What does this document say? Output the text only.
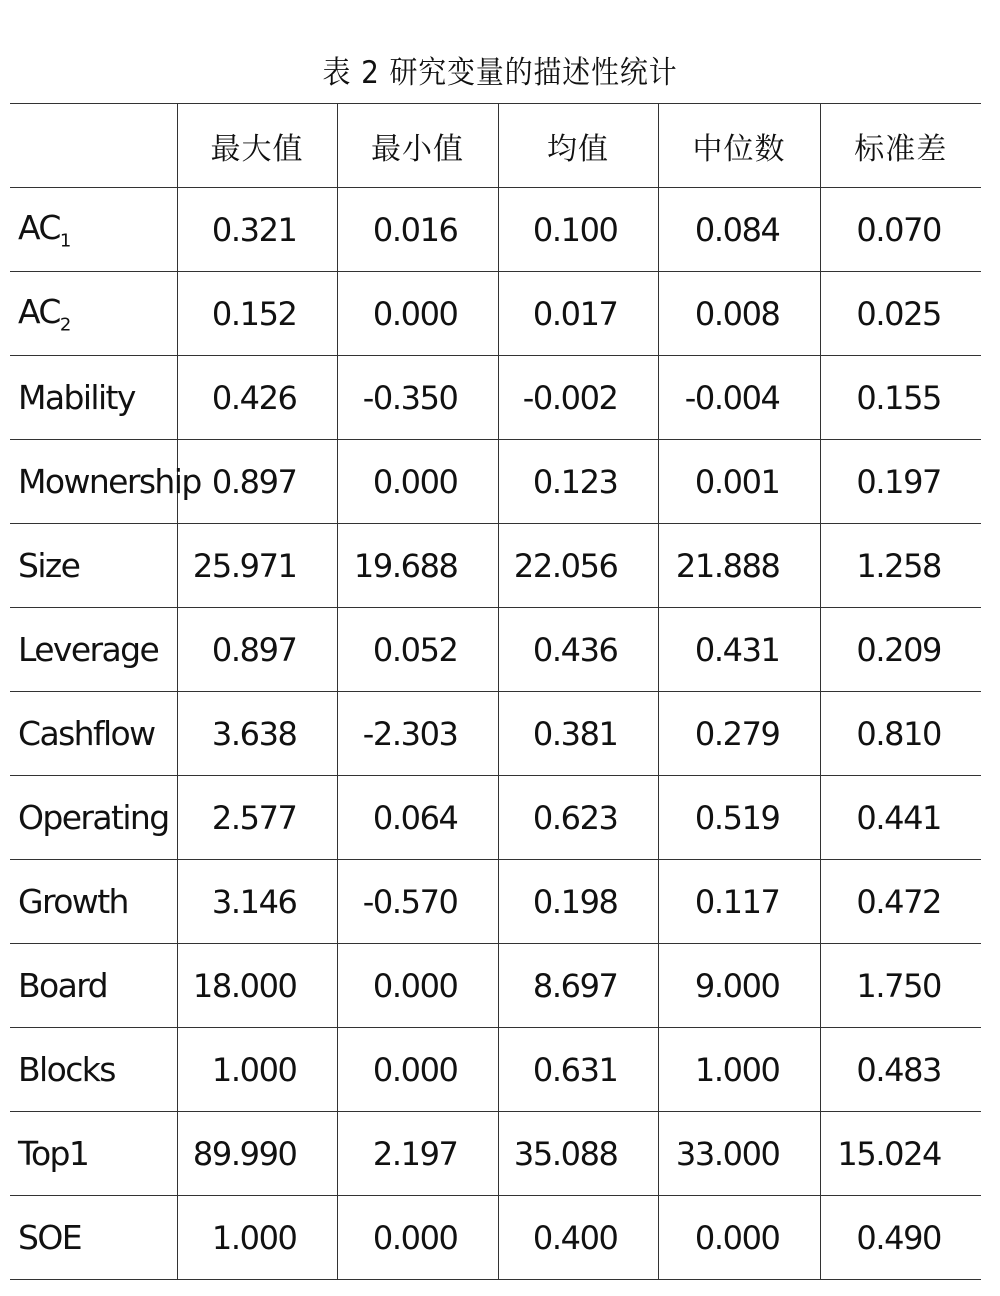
表 2 研究变量的描述性统计
	最大值	最小值	均值	中位数	标准差
$AC_1$	0.321	0.016	0.100	0.084	0.070
$AC_2$	0.152	0.000	0.017	0.008	0.025
Mability	0.426	-0.350	-0.002	-0.004	0.155
Mownership	0.897	0.000	0.123	0.001	0.197
Size	25.971	19.688	22.056	21.888	1.258
Leverage	0.897	0.052	0.436	0.431	0.209
Cashflow	3.638	-2.303	0.381	0.279	0.810
Operating	2.577	0.064	0.623	0.519	0.441
Growth	3.146	-0.570	0.198	0.117	0.472
Board	18.000	0.000	8.697	9.000	1.750
Blocks	1.000	0.000	0.631	1.000	0.483
Top1	89.990	2.197	35.088	33.000	15.024
SOE	1.000	0.000	0.400	0.000	0.490
